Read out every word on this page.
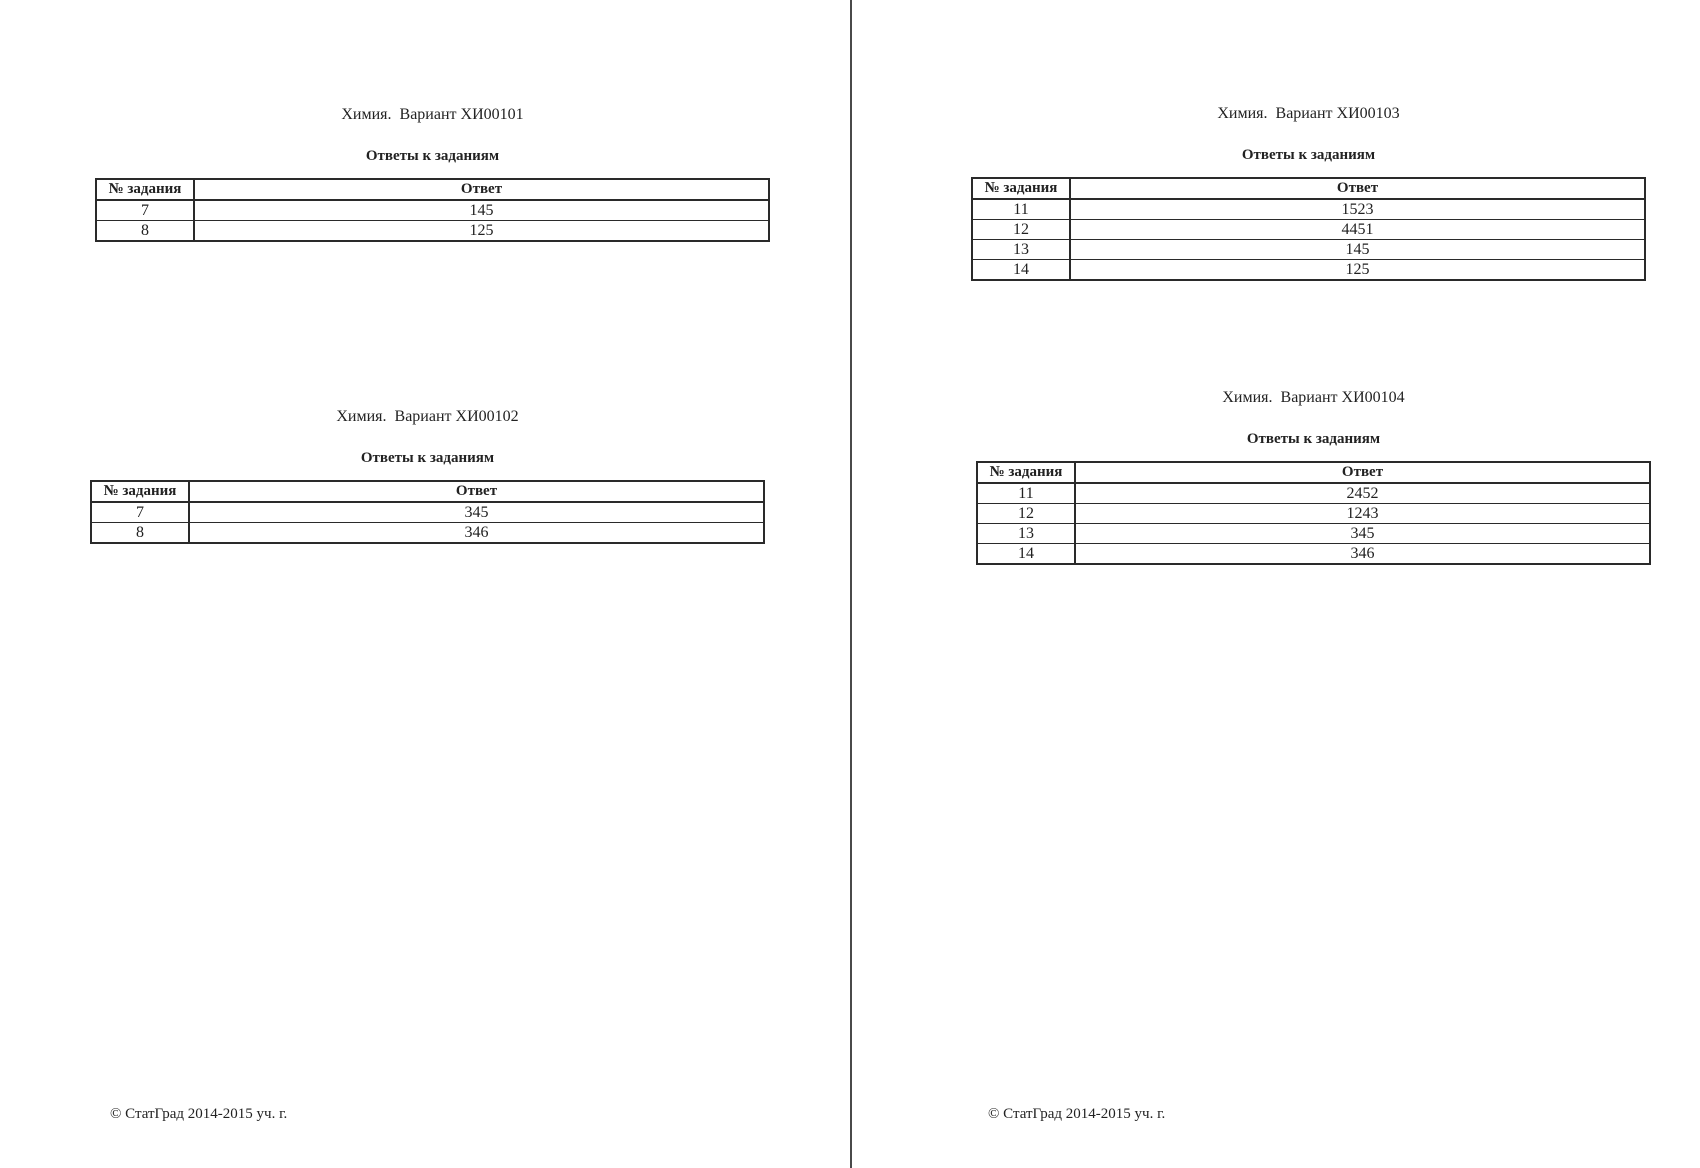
Химия.  Вариант ХИ00101
Ответы к заданиям
№ задания	Ответ
7	145
8	125
Химия.  Вариант ХИ00102
Ответы к заданиям
№ задания	Ответ
7	345
8	346
© СтатГрад 2014-2015 уч. г.
Химия.  Вариант ХИ00103
Ответы к заданиям
№ задания	Ответ
11	1523
12	4451
13	145
14	125
Химия.  Вариант ХИ00104
Ответы к заданиям
№ задания	Ответ
11	2452
12	1243
13	345
14	346
© СтатГрад 2014-2015 уч. г.
